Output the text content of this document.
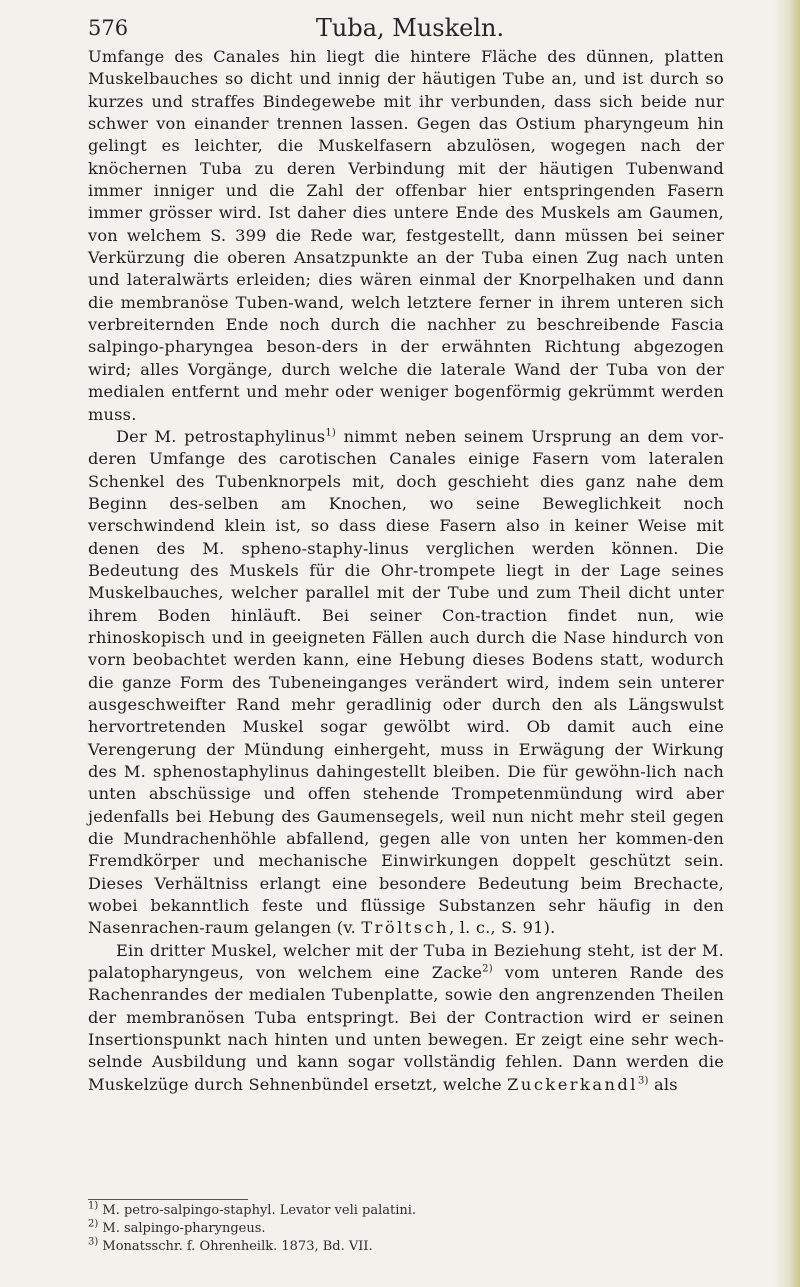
576	Tuba, Muskeln.

Umfange des Canales hin liegt die hintere Fläche des dünnen, platten Muskelbauches so dicht und innig der häutigen Tube an, und ist durch so kurzes und straffes Bindegewebe mit ihr verbunden, dass sich beide nur schwer von einander trennen lassen. Gegen das Ostium pharyngeum hin gelingt es leichter, die Muskelfasern abzulösen, wogegen nach der knöchernen Tuba zu deren Verbindung mit der häutigen Tubenwand immer inniger und die Zahl der offenbar hier entspringenden Fasern immer grösser wird. Ist daher dies untere Ende des Muskels am Gaumen, von welchem S. 399 die Rede war, festgestellt, dann müssen bei seiner Verkürzung die oberen Ansatzpunkte an der Tuba einen Zug nach unten und lateralwärts erleiden; dies wären einmal der Knorpelhaken und dann die membranöse Tuben-wand, welch letztere ferner in ihrem unteren sich verbreiternden Ende noch durch die nachher zu beschreibende Fascia salpingo-pharyngea beson-ders in der erwähnten Richtung abgezogen wird; alles Vorgänge, durch welche die laterale Wand der Tuba von der medialen entfernt und mehr oder weniger bogenförmig gekrümmt werden muss.

Der M. petrostaphylinus$^{1)}$ nimmt neben seinem Ursprung an dem vor-deren Umfange des carotischen Canales einige Fasern vom lateralen Schenkel des Tubenknorpels mit, doch geschieht dies ganz nahe dem Beginn des-selben am Knochen, wo seine Beweglichkeit noch verschwindend klein ist, so dass diese Fasern also in keiner Weise mit denen des M. spheno-staphy-linus verglichen werden können. Die Bedeutung des Muskels für die Ohr-trompete liegt in der Lage seines Muskelbauches, welcher parallel mit der Tube und zum Theil dicht unter ihrem Boden hinläuft. Bei seiner Con-traction findet nun, wie rhinoskopisch und in geeigneten Fällen auch durch die Nase hindurch von vorn beobachtet werden kann, eine Hebung dieses Bodens statt, wodurch die ganze Form des Tubeneinganges verändert wird, indem sein unterer ausgeschweifter Rand mehr geradlinig oder durch den als Längswulst hervortretenden Muskel sogar gewölbt wird. Ob damit auch eine Verengerung der Mündung einhergeht, muss in Erwägung der Wirkung des M. sphenostaphylinus dahingestellt bleiben. Die für gewöhn-lich nach unten abschüssige und offen stehende Trompetenmündung wird aber jedenfalls bei Hebung des Gaumensegels, weil nun nicht mehr steil gegen die Mundrachenhöhle abfallend, gegen alle von unten her kommen-den Fremdkörper und mechanische Einwirkungen doppelt geschützt sein. Dieses Verhältniss erlangt eine besondere Bedeutung beim Brechacte, wobei bekanntlich feste und flüssige Substanzen sehr häufig in den Nasenrachen-raum gelangen (v. Tröltsch, l. c., S. 91).

Ein dritter Muskel, welcher mit der Tuba in Beziehung steht, ist der M. palatopharyngeus, von welchem eine Zacke$^{2)}$ vom unteren Rande des Rachenrandes der medialen Tubenplatte, sowie den angrenzenden Theilen der membranösen Tuba entspringt. Bei der Contraction wird er seinen Insertionspunkt nach hinten und unten bewegen. Er zeigt eine sehr wech-selnde Ausbildung und kann sogar vollständig fehlen. Dann werden die Muskelzüge durch Sehnenbündel ersetzt, welche Zuckerkandl$^{3)}$ als

$^{1)}$ M. petro-salpingo-staphyl. Levator veli palatini.

$^{2)}$ M. salpingo-pharyngeus.

$^{3)}$ Monatsschr. f. Ohrenheilk. 1873, Bd. VII.
